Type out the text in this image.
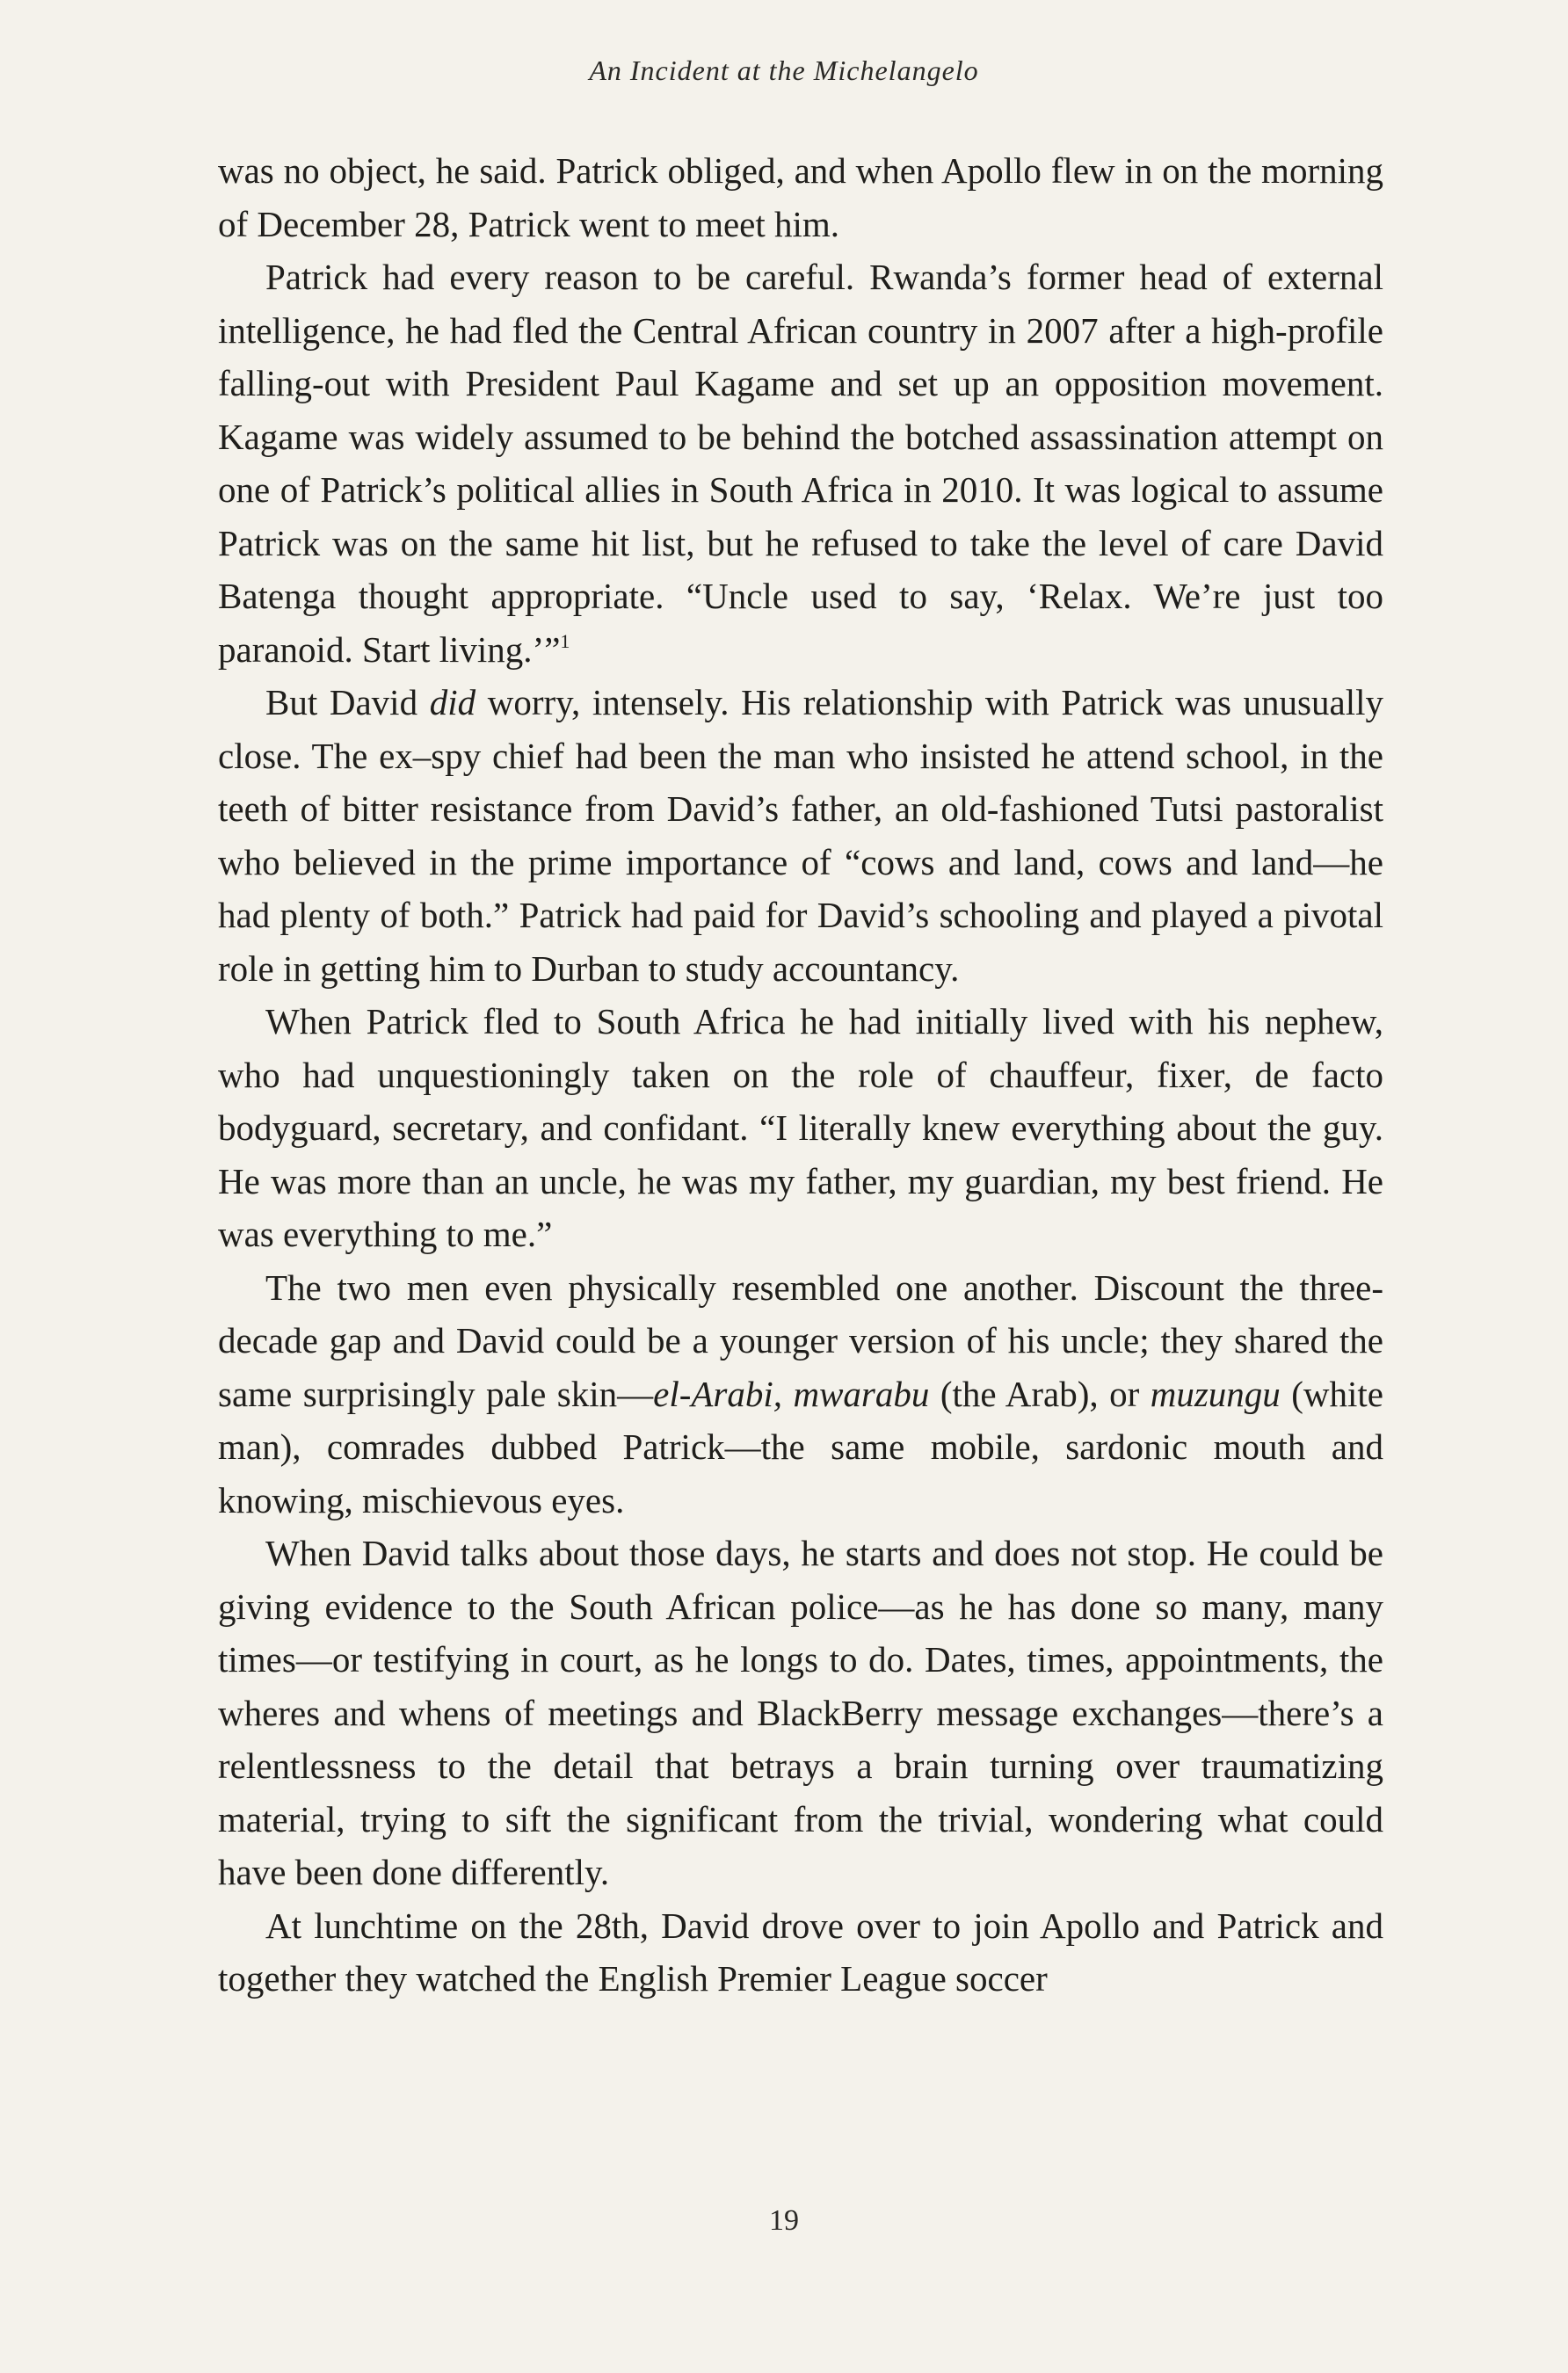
An Incident at the Michelangelo

was no object, he said. Patrick obliged, and when Apollo flew in on the morning of December 28, Patrick went to meet him.

Patrick had every reason to be careful. Rwanda’s former head of external intelligence, he had fled the Central African country in 2007 after a high-profile falling-out with President Paul Kagame and set up an opposition movement. Kagame was widely assumed to be behind the botched assassination attempt on one of Patrick’s political allies in South Africa in 2010. It was logical to assume Patrick was on the same hit list, but he refused to take the level of care David Batenga thought appropriate. “Uncle used to say, ‘Relax. We’re just too paranoid. Start living.’”$^1$

But David did worry, intensely. His relationship with Patrick was unusually close. The ex–spy chief had been the man who insisted he attend school, in the teeth of bitter resistance from David’s father, an old-fashioned Tutsi pastoralist who believed in the prime importance of “cows and land, cows and land—he had plenty of both.” Patrick had paid for David’s schooling and played a pivotal role in getting him to Durban to study accountancy.

When Patrick fled to South Africa he had initially lived with his nephew, who had unquestioningly taken on the role of chauffeur, fixer, de facto bodyguard, secretary, and confidant. “I literally knew everything about the guy. He was more than an uncle, he was my father, my guardian, my best friend. He was everything to me.”

The two men even physically resembled one another. Discount the three-decade gap and David could be a younger version of his uncle; they shared the same surprisingly pale skin—el-Arabi, mwarabu (the Arab), or muzungu (white man), comrades dubbed Patrick—the same mobile, sardonic mouth and knowing, mischievous eyes.

When David talks about those days, he starts and does not stop. He could be giving evidence to the South African police—as he has done so many, many times—or testifying in court, as he longs to do. Dates, times, appointments, the wheres and whens of meetings and BlackBerry message exchanges—there’s a relentlessness to the detail that betrays a brain turning over traumatizing material, trying to sift the significant from the trivial, wondering what could have been done differently.

At lunchtime on the 28th, David drove over to join Apollo and Patrick and together they watched the English Premier League soccer

19
